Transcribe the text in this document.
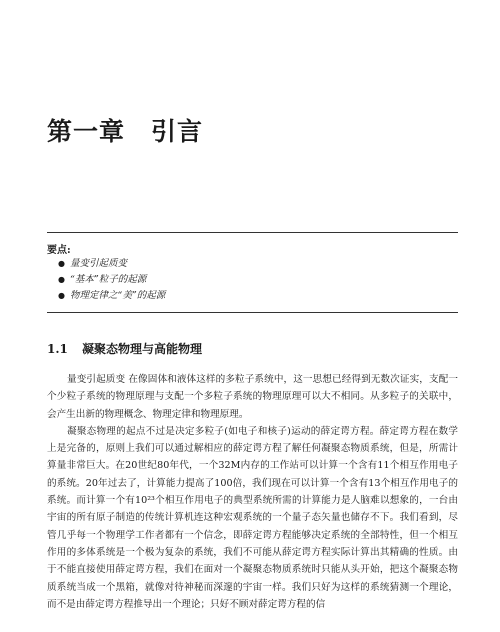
第一章　引言
要点:
● 量变引起质变
● “基本”粒子的起源
● 物理定律之“美”的起源
1.1 凝聚态物理与高能物理

量变引起质变 在像固体和液体这样的多粒子系统中，这一思想已经得到无数次证实，支配一个少粒子系统的物理原理与支配一个多粒子系统的物理原理可以大不相同。从多粒子的关联中，会产生出新的物理概念、物理定律和物理原理。

凝聚态物理的起点不过是决定多粒子(如电子和核子)运动的薛定谔方程。薛定谔方程在数学上是完备的，原则上我们可以通过解相应的薛定谔方程了解任何凝聚态物质系统，但是，所需计算量非常巨大。在20世纪80年代，一个32M内存的工作站可以计算一个含有11个相互作用电子的系统。20年过去了，计算能力提高了100倍，我们现在可以计算一个含有13个相互作用电子的系统。而计算一个有10²³个相互作用电子的典型系统所需的计算能力是人脑难以想象的，一台由宇宙的所有原子制造的传统计算机连这种宏观系统的一个量子态矢量也储存不下。我们看到，尽管几乎每一个物理学工作者都有一个信念，即薛定谔方程能够决定系统的全部特性，但一个相互作用的多体系统是一个极为复杂的系统，我们不可能从薛定谔方程实际计算出其精确的性质。由于不能直接使用薛定谔方程，我们在面对一个凝聚态物质系统时只能从头开始，把这个凝聚态物质系统当成一个黑箱，就像对待神秘而深邃的宇宙一样。我们只好为这样的系统猜测一个理论，而不是由薛定谔方程推导出一个理论；只好不顾对薛定谔方程的信
